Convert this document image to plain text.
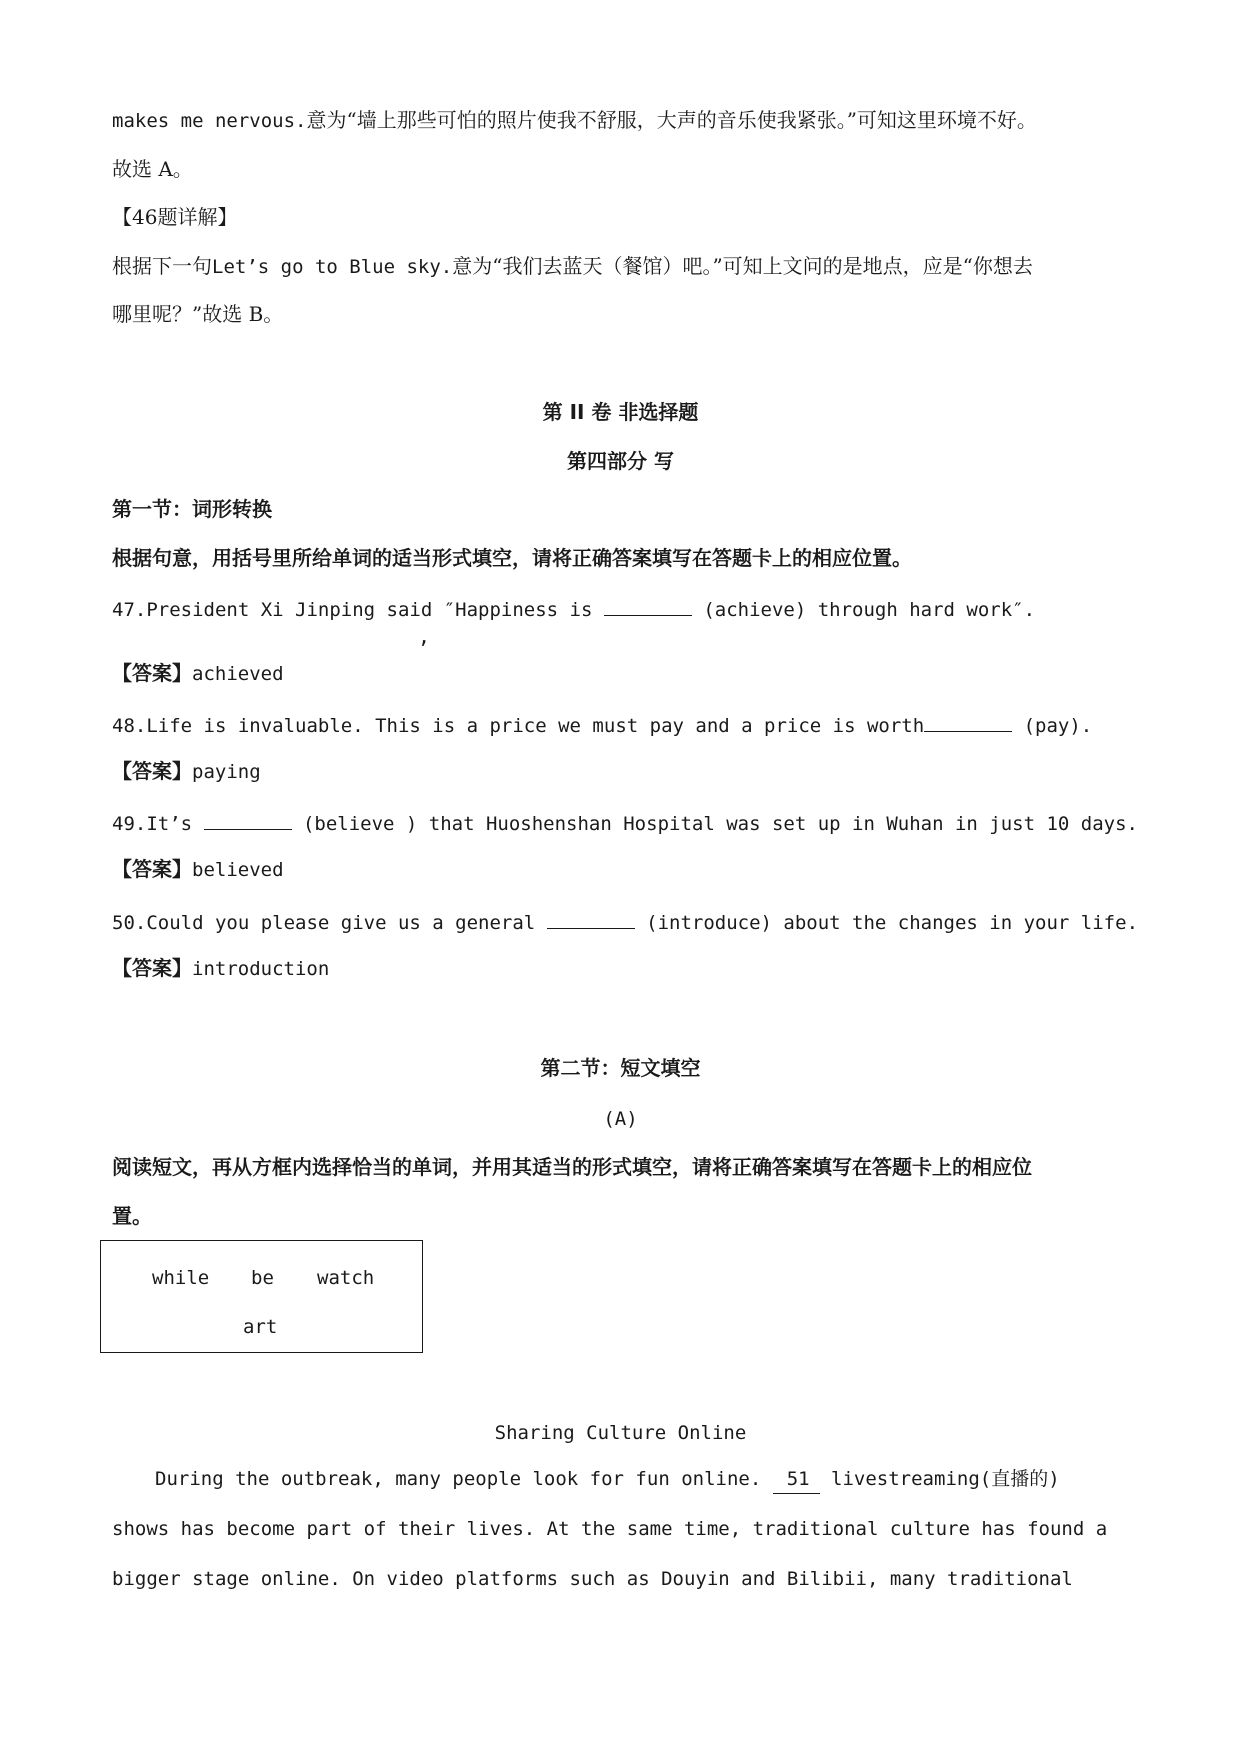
makes me nervous.意为“墙上那些可怕的照片使我不舒服，大声的音乐使我紧张。”可知这里环境不好。
故选 A。
【46题详解】
根据下一句Let’s go to Blue sky.意为“我们去蓝天（餐馆）吧。”可知上文问的是地点，应是“你想去
哪里呢？”故选 B。
第 II 卷 非选择题
第四部分 写
第一节：词形转换
根据句意，用括号里所给单词的适当形式填空，请将正确答案填写在答题卡上的相应位置。
47.President Xi Jinping said ″Happiness is	(achieve) through hard work″.
,
【答案】achieved
48.Life is invaluable. This is a price we must pay and a price is worth	(pay).
【答案】paying
49.It’s	(believe ) that Huoshenshan Hospital was set up in Wuhan in just 10 days.
【答案】believed
50.Could you please give us a general	(introduce) about the changes in your life.
【答案】introduction
第二节：短文填空
(A)
阅读短文，再从方框内选择恰当的单词，并用其适当的形式填空，请将正确答案填写在答题卡上的相应位
置。
while be watch
art
Sharing Culture Online
During the outbreak, many people look for fun online. 51 livestreaming(直播的)
shows has become part of their lives. At the same time, traditional culture has found a
bigger stage online. On video platforms such as Douyin and Bilibii, many traditional
